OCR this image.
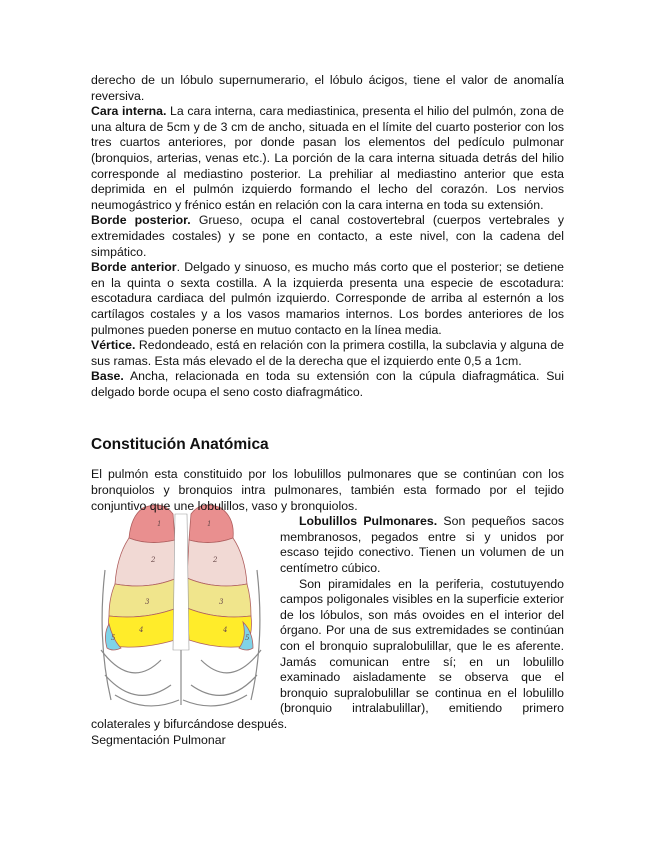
derecho de un lóbulo supernumerario, el lóbulo ácigos, tiene el valor de anomalía reversiva.

Cara interna. La cara interna, cara mediastinica, presenta el hilio del pulmón, zona de una altura de 5cm y de 3 cm de ancho, situada en el límite del cuarto posterior con los tres cuartos anteriores, por donde pasan los elementos del pedículo pulmonar (bronquios, arterias, venas etc.). La porción de la cara interna situada detrás del hilio corresponde al mediastino posterior. La prehiliar al mediastino anterior que esta deprimida en el pulmón izquierdo formando el lecho del corazón. Los nervios neumogástrico y frénico están en relación con la cara interna en toda su extensión.

Borde posterior. Grueso, ocupa el canal costovertebral (cuerpos vertebrales y extremidades costales) y se pone en contacto, a este nivel, con la cadena del simpático.

Borde anterior. Delgado y sinuoso, es mucho más corto que el posterior; se detiene en la quinta o sexta costilla. A la izquierda presenta una especie de escotadura: escotadura cardiaca del pulmón izquierdo. Corresponde de arriba al esternón a los cartílagos costales y a los vasos mamarios internos. Los bordes anteriores de los pulmones pueden ponerse en mutuo contacto en la línea media.

Vértice. Redondeado, está en relación con la primera costilla, la subclavia y alguna de sus ramas. Esta más elevado el de la derecha que el izquierdo ente 0,5 a 1cm.

Base. Ancha, relacionada en toda su extensión con la cúpula diafragmática. Sui delgado borde ocupa el seno costo diafragmático.

Constitución Anatómica

El pulmón esta constituido por los lobulillos pulmonares que se continúan con los bronquiolos y bronquios intra pulmonares, también esta formado por el tejido conjuntivo que une lobulillos, vaso y bronquiolos.

1
2
3
4
5
1
2
3
4
5

Lobulillos Pulmonares. Son pequeños sacos membranosos, pegados entre si y unidos por escaso tejido conectivo. Tienen un volumen de un centímetro cúbico.

Son piramidales en la periferia, costutuyendo campos poligonales visibles en la superficie exterior de los lóbulos, son más ovoides en el interior del órgano. Por una de sus extremidades se continúan con el bronquio supralobulillar, que le es aferente. Jamás comunican entre sí; en un lobulillo examinado aisladamente se observa que el bronquio supralobulillar se continua en el lobulillo (bronquio intralabulillar), emitiendo primero colaterales y bifurcándose después.

Segmentación Pulmonar
